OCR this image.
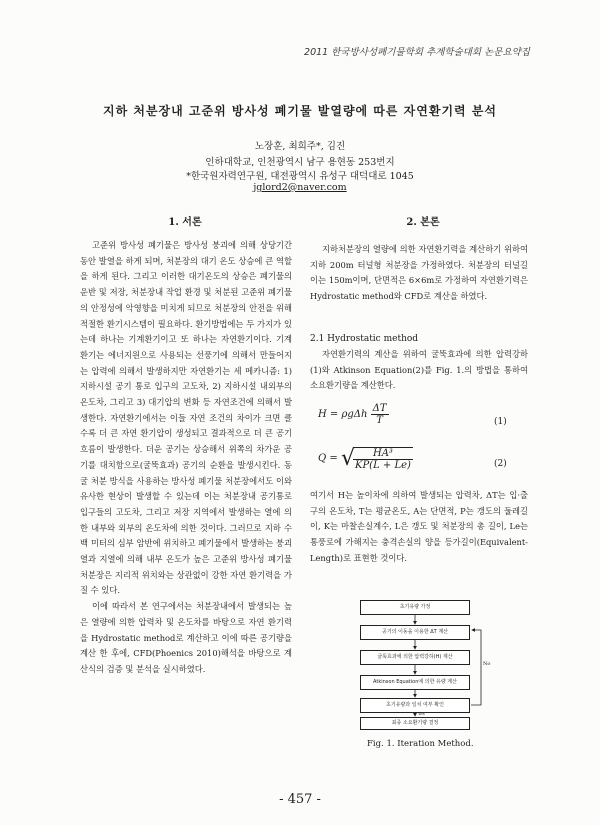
2011 한국방사성폐기물학회 추계학술대회 논문요약집
지하 처분장내 고준위 방사성 폐기물 발열량에 따른 자연환기력 분석
노장훈, 최희주*, 김진
인하대학교, 인천광역시 남구 용현동 253번지
*한국원자력연구원, 대전광역시 유성구 대덕대로 1045
jglord2@naver.com
1. 서론	2. 본론

고준위 방사성 폐기물은 방사성 붕괴에 의해 상당기간 동안 발열을 하게 되며, 처분장의 대기 온도 상승에 큰 역할을 하게 된다. 그리고 이러한 대기온도의 상승은 폐기물의 운반 및 저장, 처분장내 작업 환경 및 처분된 고준위 폐기물의 안정성에 악영향을 미치게 되므로 처분장의 안전을 위해 적절한 환기시스템이 필요하다. 환기방법에는 두 가지가 있는데 하나는 기계환기이고 또 하나는 자연환기이다. 기계 환기는 에너지원으로 사용되는 선풍기에 의해서 만들어지는 압력에 의해서 발생하지만 자연환기는 세 메카니즘: 1) 지하시설 공기 통로 입구의 고도차, 2) 지하시설 내외부의 온도차, 그리고 3) 대기압의 변화 등 자연조건에 의해서 발생한다. 자연환기에서는 이들 자연 조건의 차이가 크면 클수록 더 큰 자연 환기압이 생성되고 결과적으로 더 큰 공기흐름이 발생한다. 더운 공기는 상승해서 위쪽의 차가운 공기를 대치함으로(굴뚝효과) 공기의 순환을 발생시킨다. 동굴 처분 방식을 사용하는 방사성 폐기물 처분장에서도 이와 유사한 현상이 발생할 수 있는데 이는 처분장내 공기통로 입구들의 고도차, 그리고 저장 지역에서 발생하는 열에 의한 내부와 외부의 온도차에 의한 것이다. 그러므로 지하 수백 미터의 심부 암반에 위치하고 폐기물에서 발생하는 붕괴열과 지열에 의해 내부 온도가 높은 고준위 방사성 폐기물 처분장은 지리적 위치와는 상관없이 강한 자연 환기력을 가질 수 있다.

이에 따라서 본 연구에서는 처분장내에서 발생되는 높은 열량에 의한 압력차 및 온도차를 바탕으로 자연 환기력을 Hydrostatic method로 계산하고 이에 따른 공기량을 계산 한 후에, CFD(Phoenics 2010)해석을 바탕으로 계산식의 검증 및 분석을 실시하였다.

지하처분장의 열량에 의한 자연환기력을 계산하기 위하여 지하 200m 터널형 처분장을 가정하였다. 처분장의 터널길이는 150m이며, 단면적은 6×6m로 가정하여 자연환기력은 Hydrostatic method와 CFD로 계산을 하였다.

2.1 Hydrostatic method

자연환기력의 계산을 위하여 굴뚝효과에 의한 압력강하(1)와 Atkinson Equation(2)를 Fig. 1.의 방법을 통하여 소요환기량을 계산한다.

H = ρgΔh $\frac{\Delta T}{T}$	(1)
Q = √
$\frac{\text{HA³}}{KP(L + Le)}$	(2)

여기서 H는 높이차에 의하여 발생되는 압력차, ΔT는 입·출구의 온도차, T는 평균온도, A는 단면적, P는 갱도의 둘레길이, K는 마찰손실계수, L은 갱도 및 처분장의 총 길이, Le는 통풍로에 가해지는 충격손실의 양을 등가길이(Equivalent-Length)로 표현한 것이다.

초기유량 가정
공기의 이동을 이용한 ΔT 계산
굴뚝효과에 의한 압력강하(H) 계산
Atkinson Equation에 의한 유량 계산
초기유량과 일치 여부 확인
최종 소요환기량 결정
No
Yes
Fig. 1. Iteration Method.
- 457 -
